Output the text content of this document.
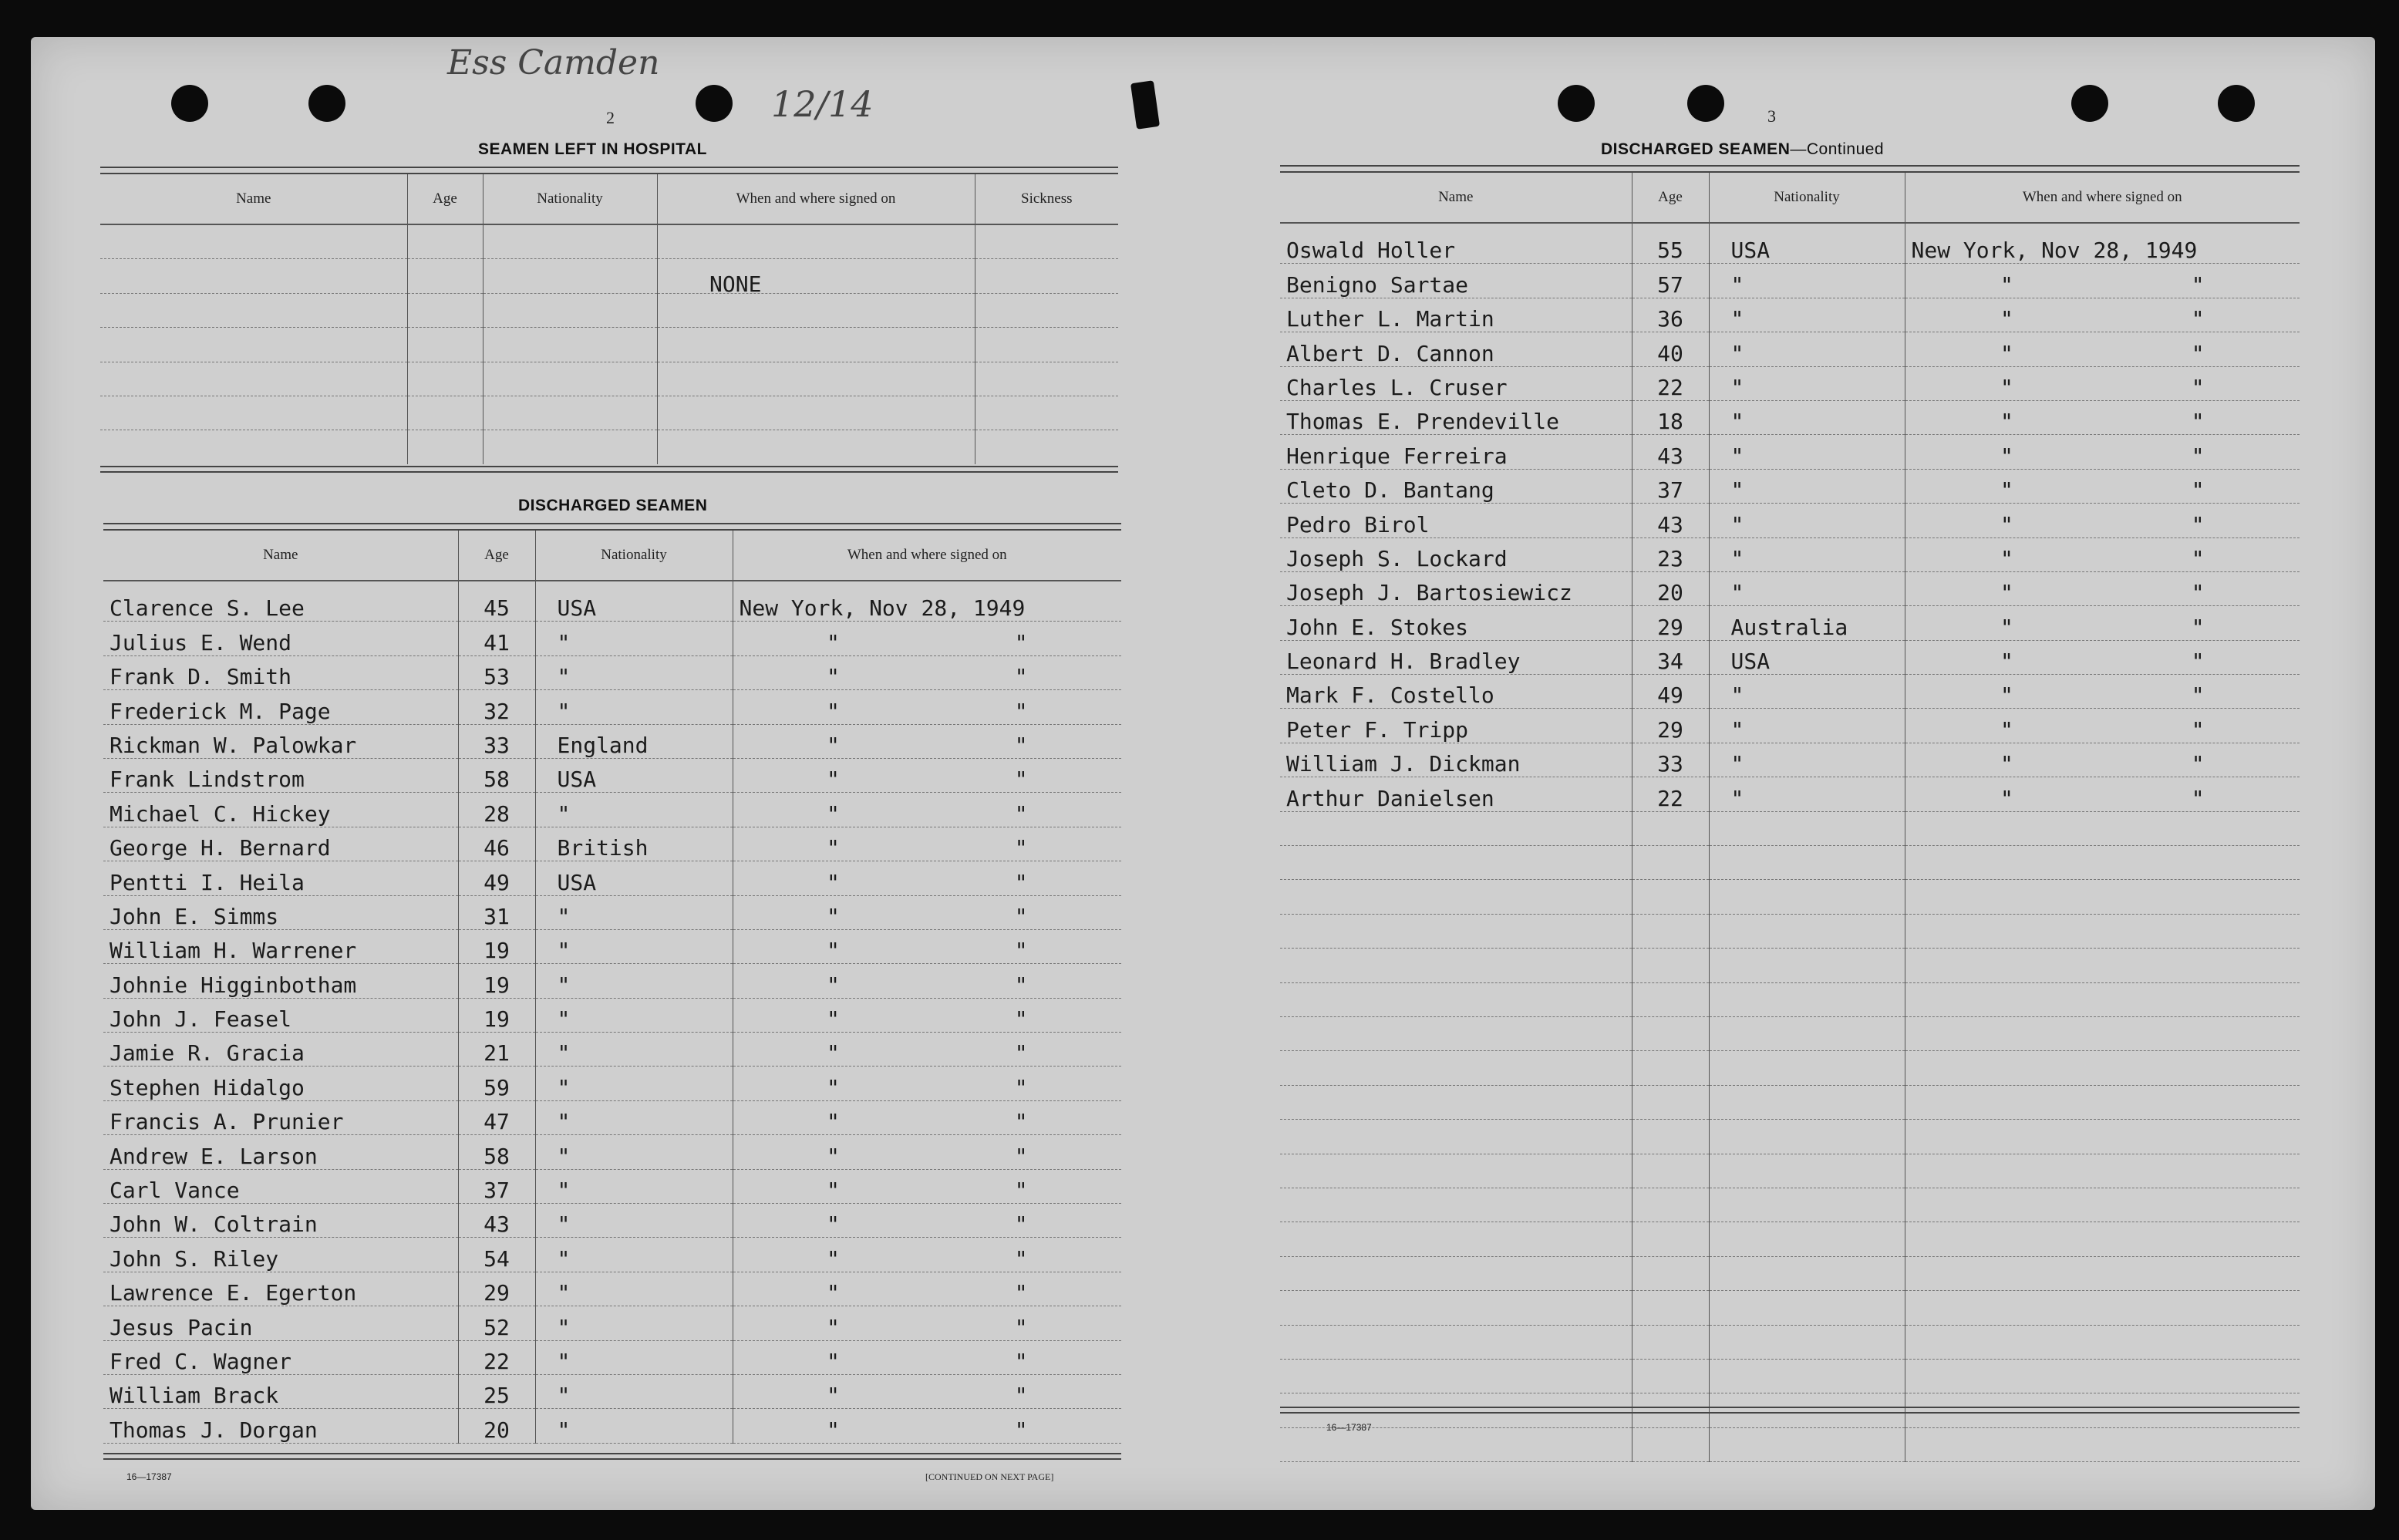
Ess Camden
12/14
2
SEAMEN LEFT IN HOSPITAL
Name	Age	Nationality	When and where signed on	Sickness

NONE
DISCHARGED SEAMEN
Name	Age	Nationality	When and where signed on
Clarence S. Lee	45	USA	New York, Nov 28, 1949
Julius E. Wend	41	"	" "

Frank D. Smith	53	"	" "

Frederick M. Page	32	"	" "

Rickman W. Palowkar	33	England	" "

Frank Lindstrom	58	USA	" "

Michael C. Hickey	28	"	" "

George H. Bernard	46	British	" "

Pentti I. Heila	49	USA	" "

John E. Simms	31	"	" "

William H. Warrener	19	"	" "

Johnie Higginbotham	19	"	" "

John J. Feasel	19	"	" "

Jamie R. Gracia	21	"	" "

Stephen Hidalgo	59	"	" "

Francis A. Prunier	47	"	" "

Andrew E. Larson	58	"	" "

Carl Vance	37	"	" "

John W. Coltrain	43	"	" "

John S. Riley	54	"	" "

Lawrence E. Egerton	29	"	" "

Jesus Pacin	52	"	" "

Fred C. Wagner	22	"	" "

William Brack	25	"	" "

Thomas J. Dorgan	20	"	" "
16—17387	[CONTINUED ON NEXT PAGE]
3
DISCHARGED SEAMEN—Continued
Name	Age	Nationality	When and where signed on
Oswald Holler	55	USA	New York, Nov 28, 1949
Benigno Sartae	57	"	" "

Luther L. Martin	36	"	" "

Albert D. Cannon	40	"	" "

Charles L. Cruser	22	"	" "

Thomas E. Prendeville	18	"	" "

Henrique Ferreira	43	"	" "

Cleto D. Bantang	37	"	" "

Pedro Birol	43	"	" "

Joseph S. Lockard	23	"	" "

Joseph J. Bartosiewicz	20	"	" "

John E. Stokes	29	Australia	" "

Leonard H. Bradley	34	USA	" "

Mark F. Costello	49	"	" "

Peter F. Tripp	29	"	" "

William J. Dickman	33	"	" "

Arthur Danielsen	22	"	" "

16—17387
